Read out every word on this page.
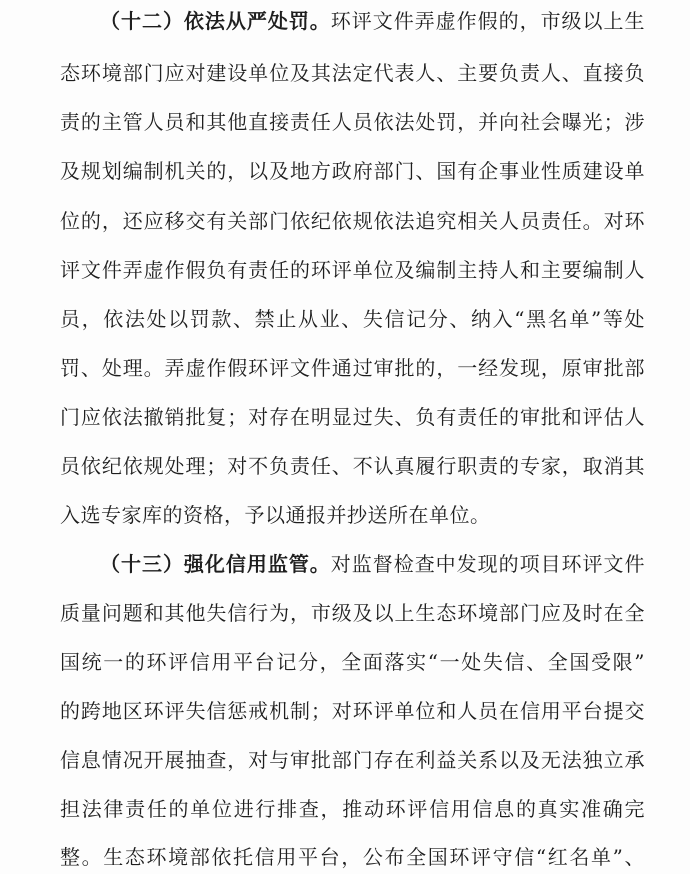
（十二）依法从严处罚。环评文件弄虚作假的，市级以上生
态环境部门应对建设单位及其法定代表人、主要负责人、直接负
责的主管人员和其他直接责任人员依法处罚，并向社会曝光；涉
及规划编制机关的，以及地方政府部门、国有企事业性质建设单
位的，还应移交有关部门依纪依规依法追究相关人员责任。对环
评文件弄虚作假负有责任的环评单位及编制主持人和主要编制人
员，依法处以罚款、禁止从业、失信记分、纳入“黑名单”等处
罚、处理。弄虚作假环评文件通过审批的，一经发现，原审批部
门应依法撤销批复；对存在明显过失、负有责任的审批和评估人
员依纪依规处理；对不负责任、不认真履行职责的专家，取消其
入选专家库的资格，予以通报并抄送所在单位。
（十三）强化信用监管。对监督检查中发现的项目环评文件
质量问题和其他失信行为，市级及以上生态环境部门应及时在全
国统一的环评信用平台记分，全面落实“一处失信、全国受限”
的跨地区环评失信惩戒机制；对环评单位和人员在信用平台提交
信息情况开展抽查，对与审批部门存在利益关系以及无法独立承
担法律责任的单位进行排查，推动环评信用信息的真实准确完
整。生态环境部依托信用平台，公布全国环评守信“红名单”、
